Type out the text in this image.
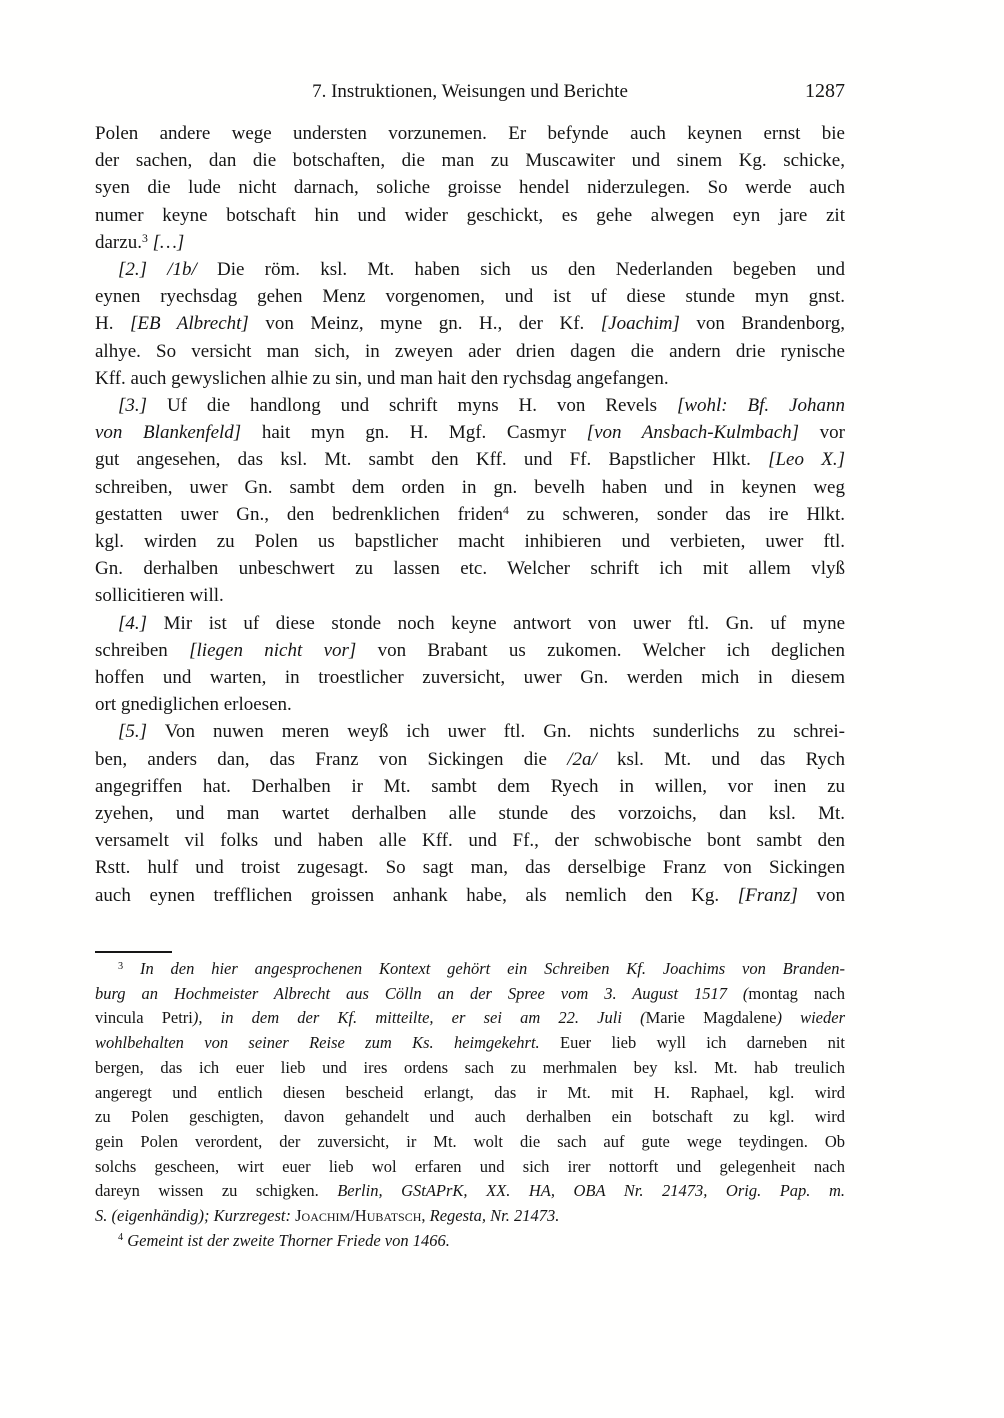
7. Instruktionen, Weisungen und Berichte	1287
Polen andere wege understen vorzunemen. Er befynde auch keynen ernst bie
der sachen, dan die botschaften, die man zu Muscawiter und sinem Kg. schicke,
syen die lude nicht darnach, soliche groisse hendel niderzulegen. So werde auch
numer keyne botschaft hin und wider geschickt, es gehe alwegen eyn jare zit
darzu.$^3$ […]
[2.] /1b/ Die röm. ksl. Mt. haben sich us den Nederlanden begeben und
eynen ryechsdag gehen Menz vorgenomen, und ist uf diese stunde myn gnst.
H. [EB Albrecht] von Meinz, myne gn. H., der Kf. [Joachim] von Brandenborg,
alhye. So versicht man sich, in zweyen ader drien dagen die andern drie rynische
Kff. auch gewyslichen alhie zu sin, und man hait den rychsdag angefangen.
[3.] Uf die handlong und schrift myns H. von Revels [wohl: Bf. Johann
von Blankenfeld] hait myn gn. H. Mgf. Casmyr [von Ansbach-Kulmbach] vor
gut angesehen, das ksl. Mt. sambt den Kff. und Ff. Bapstlicher Hlkt. [Leo X.]
schreiben, uwer Gn. sambt dem orden in gn. bevelh haben und in keynen weg
gestatten uwer Gn., den bedrenklichen friden$^4$ zu schweren, sonder das ire Hlkt.
kgl. wirden zu Polen us bapstlicher macht inhibieren und verbieten, uwer ftl.
Gn. derhalben unbeschwert zu lassen etc. Welcher schrift ich mit allem vlyß
sollicitieren will.
[4.] Mir ist uf diese stonde noch keyne antwort von uwer ftl. Gn. uf myne
schreiben [liegen nicht vor] von Brabant us zukomen. Welcher ich deglichen
hoffen und warten, in troestlicher zuversicht, uwer Gn. werden mich in diesem
ort gnediglichen erloesen.
[5.] Von nuwen meren weyß ich uwer ftl. Gn. nichts sunderlichs zu schrei-
ben, anders dan, das Franz von Sickingen die /2a/ ksl. Mt. und das Rych
angegriffen hat. Derhalben ir Mt. sambt dem Ryech in willen, vor inen zu
zyehen, und man wartet derhalben alle stunde des vorzoichs, dan ksl. Mt.
versamelt vil folks und haben alle Kff. und Ff., der schwobische bont sambt den
Rstt. hulf und troist zugesagt. So sagt man, das derselbige Franz von Sickingen
auch eynen trefflichen groissen anhank habe, als nemlich den Kg. [Franz] von
$^3$ In den hier angesprochenen Kontext gehört ein Schreiben Kf. Joachims von Branden-
burg an Hochmeister Albrecht aus Cölln an der Spree vom 3. August 1517 (montag nach
vincula Petri), in dem der Kf. mitteilte, er sei am 22. Juli (Marie Magdalene) wieder
wohlbehalten von seiner Reise zum Ks. heimgekehrt. Euer lieb wyll ich darneben nit
bergen, das ich euer lieb und ires ordens sach zu merhmalen bey ksl. Mt. hab treulich
angeregt und entlich diesen bescheid erlangt, das ir Mt. mit H. Raphael, kgl. wird
zu Polen geschigten, davon gehandelt und auch derhalben ein botschaft zu kgl. wird
gein Polen verordent, der zuversicht, ir Mt. wolt die sach auf gute wege teydingen. Ob
solchs gescheen, wirt euer lieb wol erfaren und sich irer nottorft und gelegenheit nach
dareyn wissen zu schigken. Berlin, GStAPrK, XX. HA, OBA Nr. 21473, Orig. Pap. m.
S. (eigenhändig); Kurzregest: Joachim/Hubatsch, Regesta, Nr. 21473.
$^4$ Gemeint ist der zweite Thorner Friede von 1466.
